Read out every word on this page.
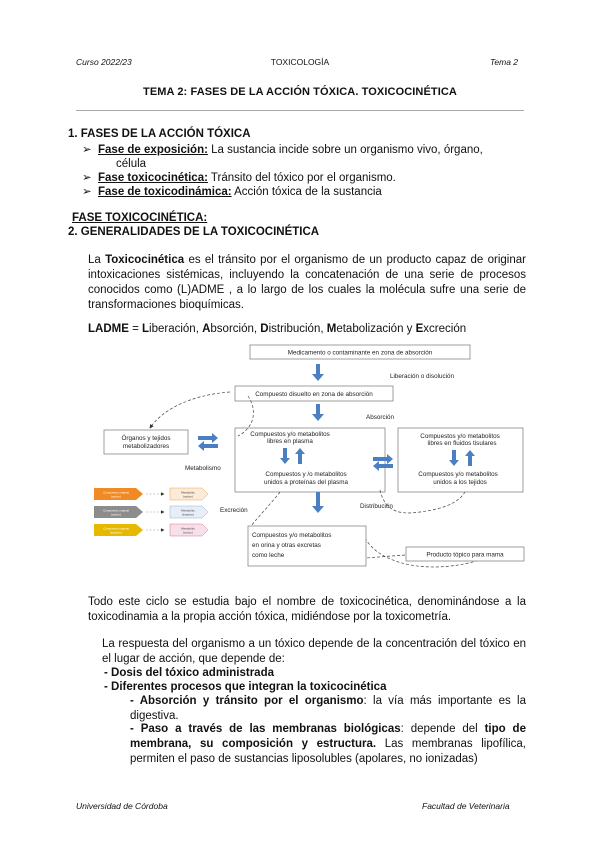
Curso 2022/23	TOXICOLOGÍA	Tema 2
TEMA 2: FASES DE LA ACCIÓN TÓXICA. TOXICOCINÉTICA
1. FASES DE LA ACCIÓN TÓXICA
➢ Fase de exposición: La sustancia incide sobre un organismo vivo, órgano,
célula
➢ Fase toxicocinética: Tránsito del tóxico por el organismo.
➢ Fase de toxicodinámica: Acción tóxica de la sustancia
FASE TOXICOCINÉTICA:
2. GENERALIDADES DE LA TOXICOCINÉTICA
La Toxicocinética es el tránsito por el organismo de un producto capaz de originar intoxicaciones sistémicas, incluyendo la concatenación de una serie de procesos conocidos como (L)ADME , a lo largo de los cuales la molécula sufre una serie de transformaciones bioquímicas.
LADME = Liberación, Absorción, Distribución, Metabolización y Excreción
Medicamento o contaminante en zona de absorción
Liberación o disolución
Compuesto disuelto en zona de absorción
Absorción
Compuestos y/o metabolitos
libres en plasma
Compuestos y /o metabolitos
unidos a proteínas del plasma
Compuestos y/o metabolitos
libres en fluidos tisulares
Compuestos y/o metabolitos
unidos a los tejidos
Órganos y tejidos
metabolizadores
Metabolismo
Excreción
Distribución
Compuestos y/o metabolitos
en orina y otras excretas
como leche	Producto tópico para mama
Compuesto original
(activo)
Compuesto original
(activo)
Compuesto original
(inactivo)
Metabolito
(activo)
Metabolito
(inactivo)
Metabolito
(tóxico)
Todo este ciclo se estudia bajo el nombre de toxicocinética, denominándose a la toxicodinamia a la propia acción tóxica, midiéndose por la toxicometría.
La respuesta del organismo a un tóxico depende de la concentración del tóxico en el lugar de acción, que depende de:
- Dosis del tóxico administrada
- Diferentes procesos que integran la toxicocinética
- Absorción y tránsito por el organismo: la vía más importante es la digestiva.
- Paso a través de las membranas biológicas: depende del tipo de membrana, su composición y estructura. Las membranas lipofílica, permiten el paso de sustancias liposolubles (apolares, no ionizadas)
Universidad de Córdoba	Facultad de Veterinaria
